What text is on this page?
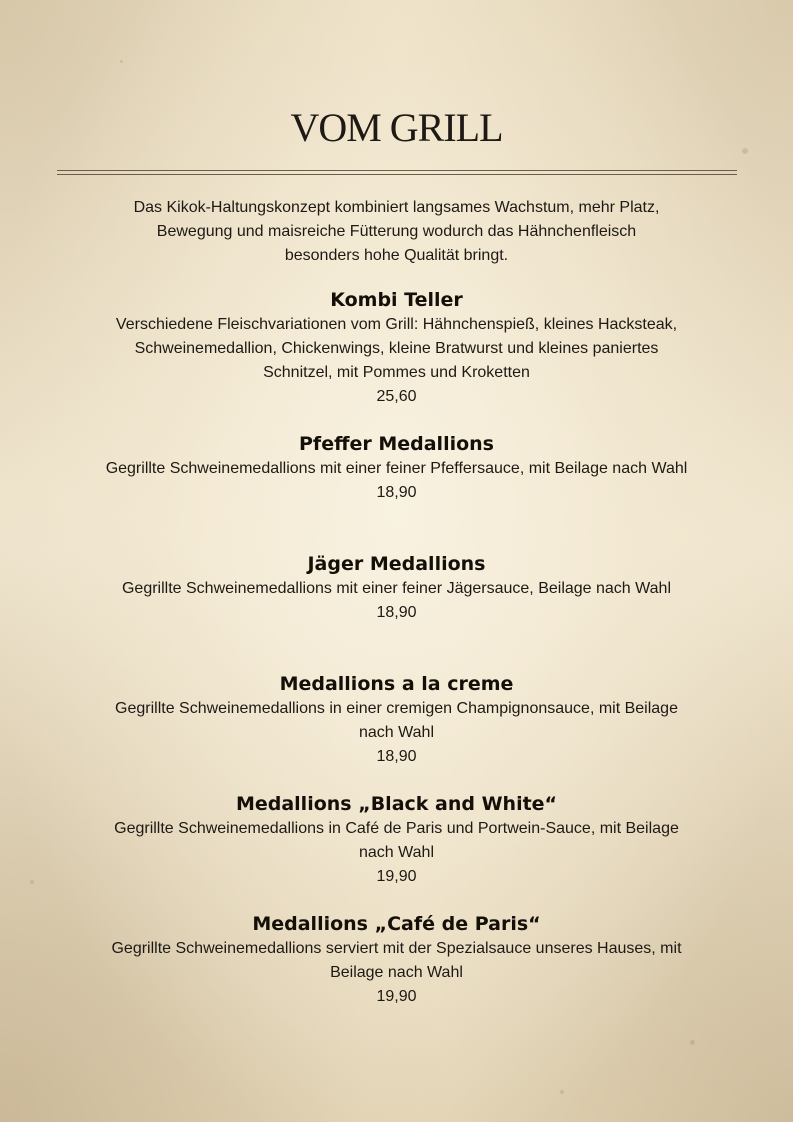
VOM GRILL

Das Kikok-Haltungskonzept kombiniert langsames Wachstum, mehr Platz, Bewegung und maisreiche Fütterung wodurch das Hähnchenfleisch besonders hohe Qualität bringt.

Kombi Teller
Verschiedene Fleischvariationen vom Grill: Hähnchenspieß, kleines Hacksteak, Schweinemedallion, Chickenwings, kleine Bratwurst und kleines paniertes Schnitzel, mit Pommes und Kroketten
25,60
Pfeffer Medallions
Gegrillte Schweinemedallions mit einer feiner Pfeffersauce, mit Beilage nach Wahl
18,90
Jäger Medallions
Gegrillte Schweinemedallions mit einer feiner Jägersauce, Beilage nach Wahl
18,90
Medallions a la creme
Gegrillte Schweinemedallions in einer cremigen Champignonsauce, mit Beilage nach Wahl
18,90
Medallions „Black and White“
Gegrillte Schweinemedallions in Café de Paris und Portwein-Sauce, mit Beilage nach Wahl
19,90
Medallions „Café de Paris“
Gegrillte Schweinemedallions serviert mit der Spezialsauce unseres Hauses, mit Beilage nach Wahl
19,90
